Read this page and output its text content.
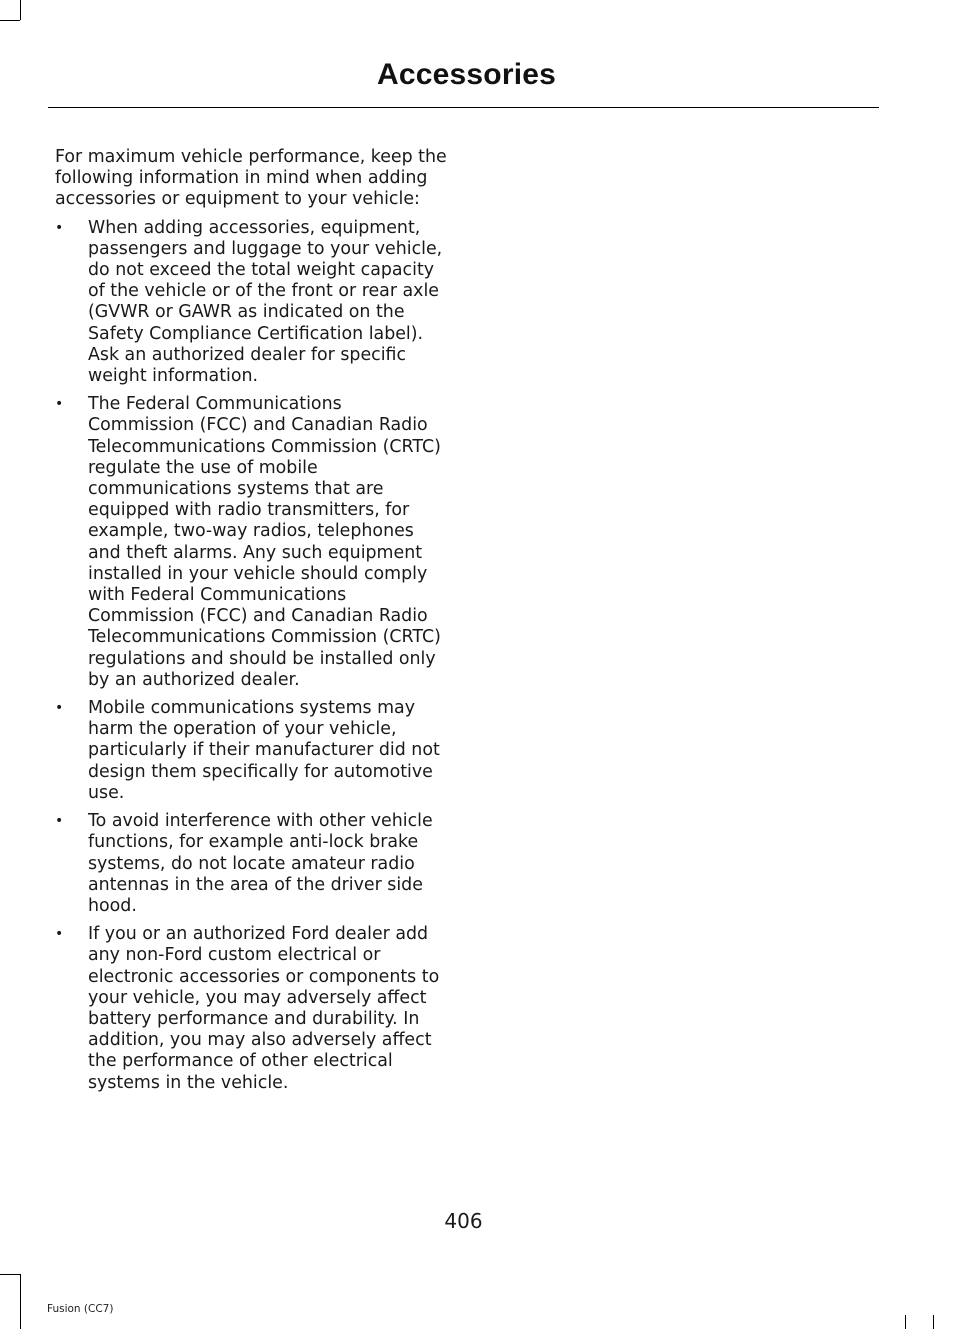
Accessories

For maximum vehicle performance, keep the following information in mind when adding accessories or equipment to your vehicle:

• When adding accessories, equipment, passengers and luggage to your vehicle, do not exceed the total weight capacity of the vehicle or of the front or rear axle (GVWR or GAWR as indicated on the Safety Compliance Certification label). Ask an authorized dealer for specific weight information.
• The Federal Communications Commission (FCC) and Canadian Radio Telecommunications Commission (CRTC) regulate the use of mobile communications systems that are equipped with radio transmitters, for example, two-way radios, telephones and theft alarms. Any such equipment installed in your vehicle should comply with Federal Communications Commission (FCC) and Canadian Radio Telecommunications Commission (CRTC) regulations and should be installed only by an authorized dealer.
• Mobile communications systems may harm the operation of your vehicle, particularly if their manufacturer did not design them specifically for automotive use.
• To avoid interference with other vehicle functions, for example anti-lock brake systems, do not locate amateur radio antennas in the area of the driver side hood.
• If you or an authorized Ford dealer add any non-Ford custom electrical or electronic accessories or components to your vehicle, you may adversely affect battery performance and durability. In addition, you may also adversely affect the performance of other electrical systems in the vehicle.
406
Fusion (CC7)
